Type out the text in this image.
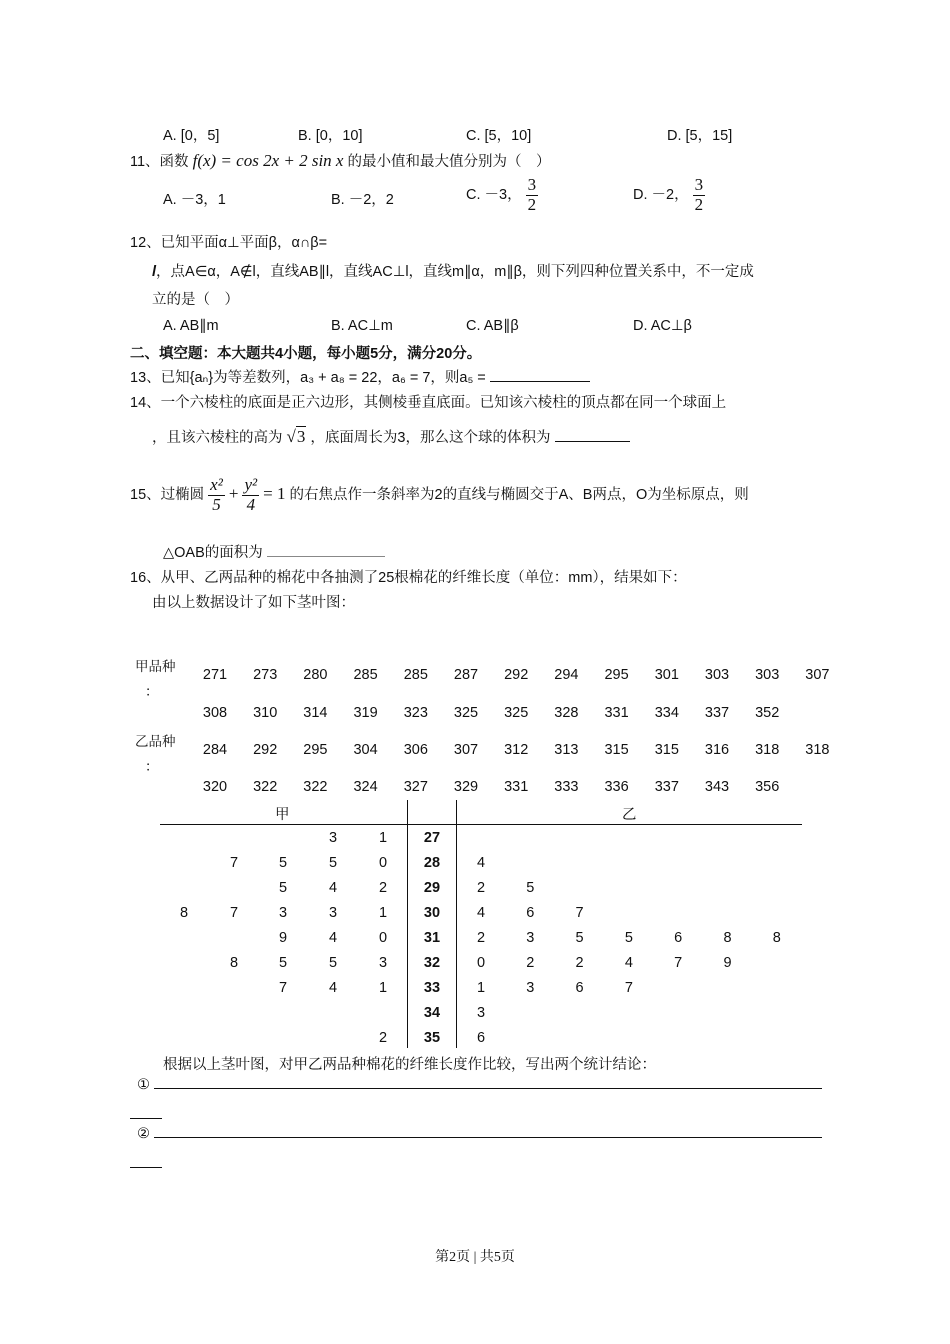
A. [0，5]	B. [0，10]	C. [5，10]	D. [5，15]
11、函数 f(x) = cos 2x + 2 sin x 的最小值和最大值分别为（　）
A. －3，1	B. －2，2	C. －3， $\frac{3}{2}$	D. －2， $\frac{3}{2}$
12、已知平面α⊥平面β，α∩β=
l，点A∈α，A∉l，直线AB∥l，直线AC⊥l，直线m∥α，m∥β，则下列四种位置关系中，不一定成
立的是（　）
A. AB∥m	B. AC⊥m	C. AB∥β	D. AC⊥β
二、填空题：本大题共4小题，每小题5分，满分20分。
13、已知{aₙ}为等差数列，a₃ + a₈ = 22，a₆ = 7，则a₅ =
14、一个六棱柱的底面是正六边形，其侧棱垂直底面。已知该六棱柱的顶点都在同一个球面上
，且该六棱柱的高为 √3 ，底面周长为3，那么这个球的体积为
15、过椭圆 $\frac{\text{x²}}{5} + \frac{\text{y²}}{4} = 1$ 的右焦点作一条斜率为2的直线与椭圆交于A、B两点，O为坐标原点，则
△OAB的面积为
16、从甲、乙两品种的棉花中各抽测了25根棉花的纤维长度（单位：mm），结果如下：
由以上数据设计了如下茎叶图：
甲品种
：
乙品种
：
271	273	280	285	285	287	292	294	295	301	303	303	307
308	310	314	319	323	325	325	328	331	334	337	352
284	292	295	304	306	307	312	313	315	315	316	318	318
320	322	322	324	327	329	331	333	336	337	343	356
甲	乙
3	1	27
7	5	5	0	28	4
5	4	2	29	2	5
8	7	3	3	1	30	4	6	7
9	4	0	31	2	3	5	5	6	8	8
8	5	5	3	32	0	2	2	4	7	9
7	4	1	33	1	3	6	7
34	3
2	35	6
根据以上茎叶图，对甲乙两品种棉花的纤维长度作比较，写出两个统计结论：
①
②
第2页 | 共5页
